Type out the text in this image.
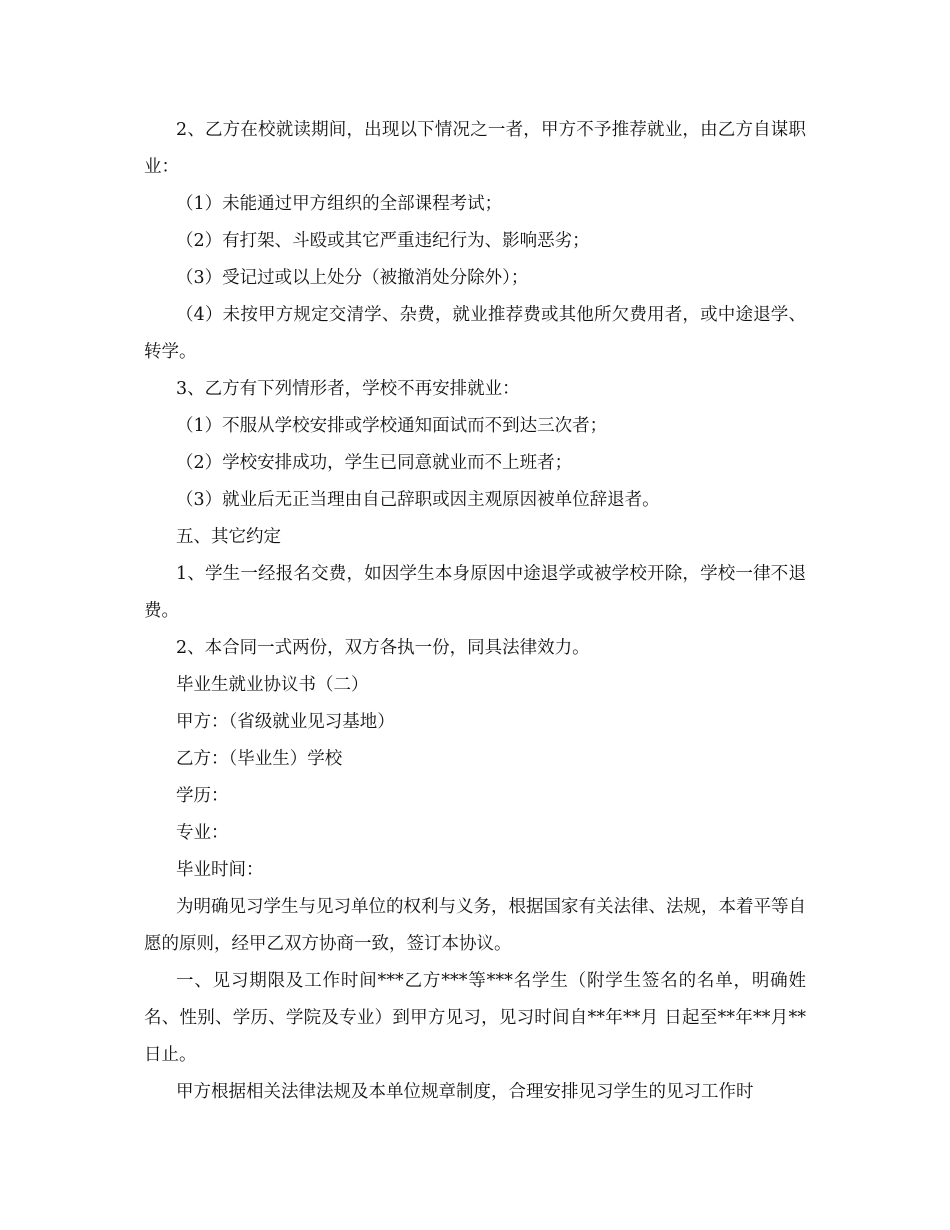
2、乙方在校就读期间，出现以下情况之一者，甲方不予推荐就业，由乙方自谋职业：

（1）未能通过甲方组织的全部课程考试；

（2）有打架、斗殴或其它严重违纪行为、影响恶劣；

（3）受记过或以上处分（被撤消处分除外）；

（4）未按甲方规定交清学、杂费，就业推荐费或其他所欠费用者，或中途退学、转学。

3、乙方有下列情形者，学校不再安排就业：

（1）不服从学校安排或学校通知面试而不到达三次者；

（2）学校安排成功，学生已同意就业而不上班者；

（3）就业后无正当理由自己辞职或因主观原因被单位辞退者。

五、其它约定

1、学生一经报名交费，如因学生本身原因中途退学或被学校开除，学校一律不退费。

2、本合同一式两份，双方各执一份，同具法律效力。

毕业生就业协议书（二）

甲方：（省级就业见习基地）

乙方：（毕业生）学校

学历：

专业：

毕业时间：

为明确见习学生与见习单位的权利与义务，根据国家有关法律、法规，本着平等自愿的原则，经甲乙双方协商一致，签订本协议。

一、见习期限及工作时间***乙方***等***名学生（附学生签名的名单，明确姓名、性别、学历、学院及专业）到甲方见习，见习时间自**年**月 日起至**年**月**日止。

甲方根据相关法律法规及本单位规章制度，合理安排见习学生的见习工作时
